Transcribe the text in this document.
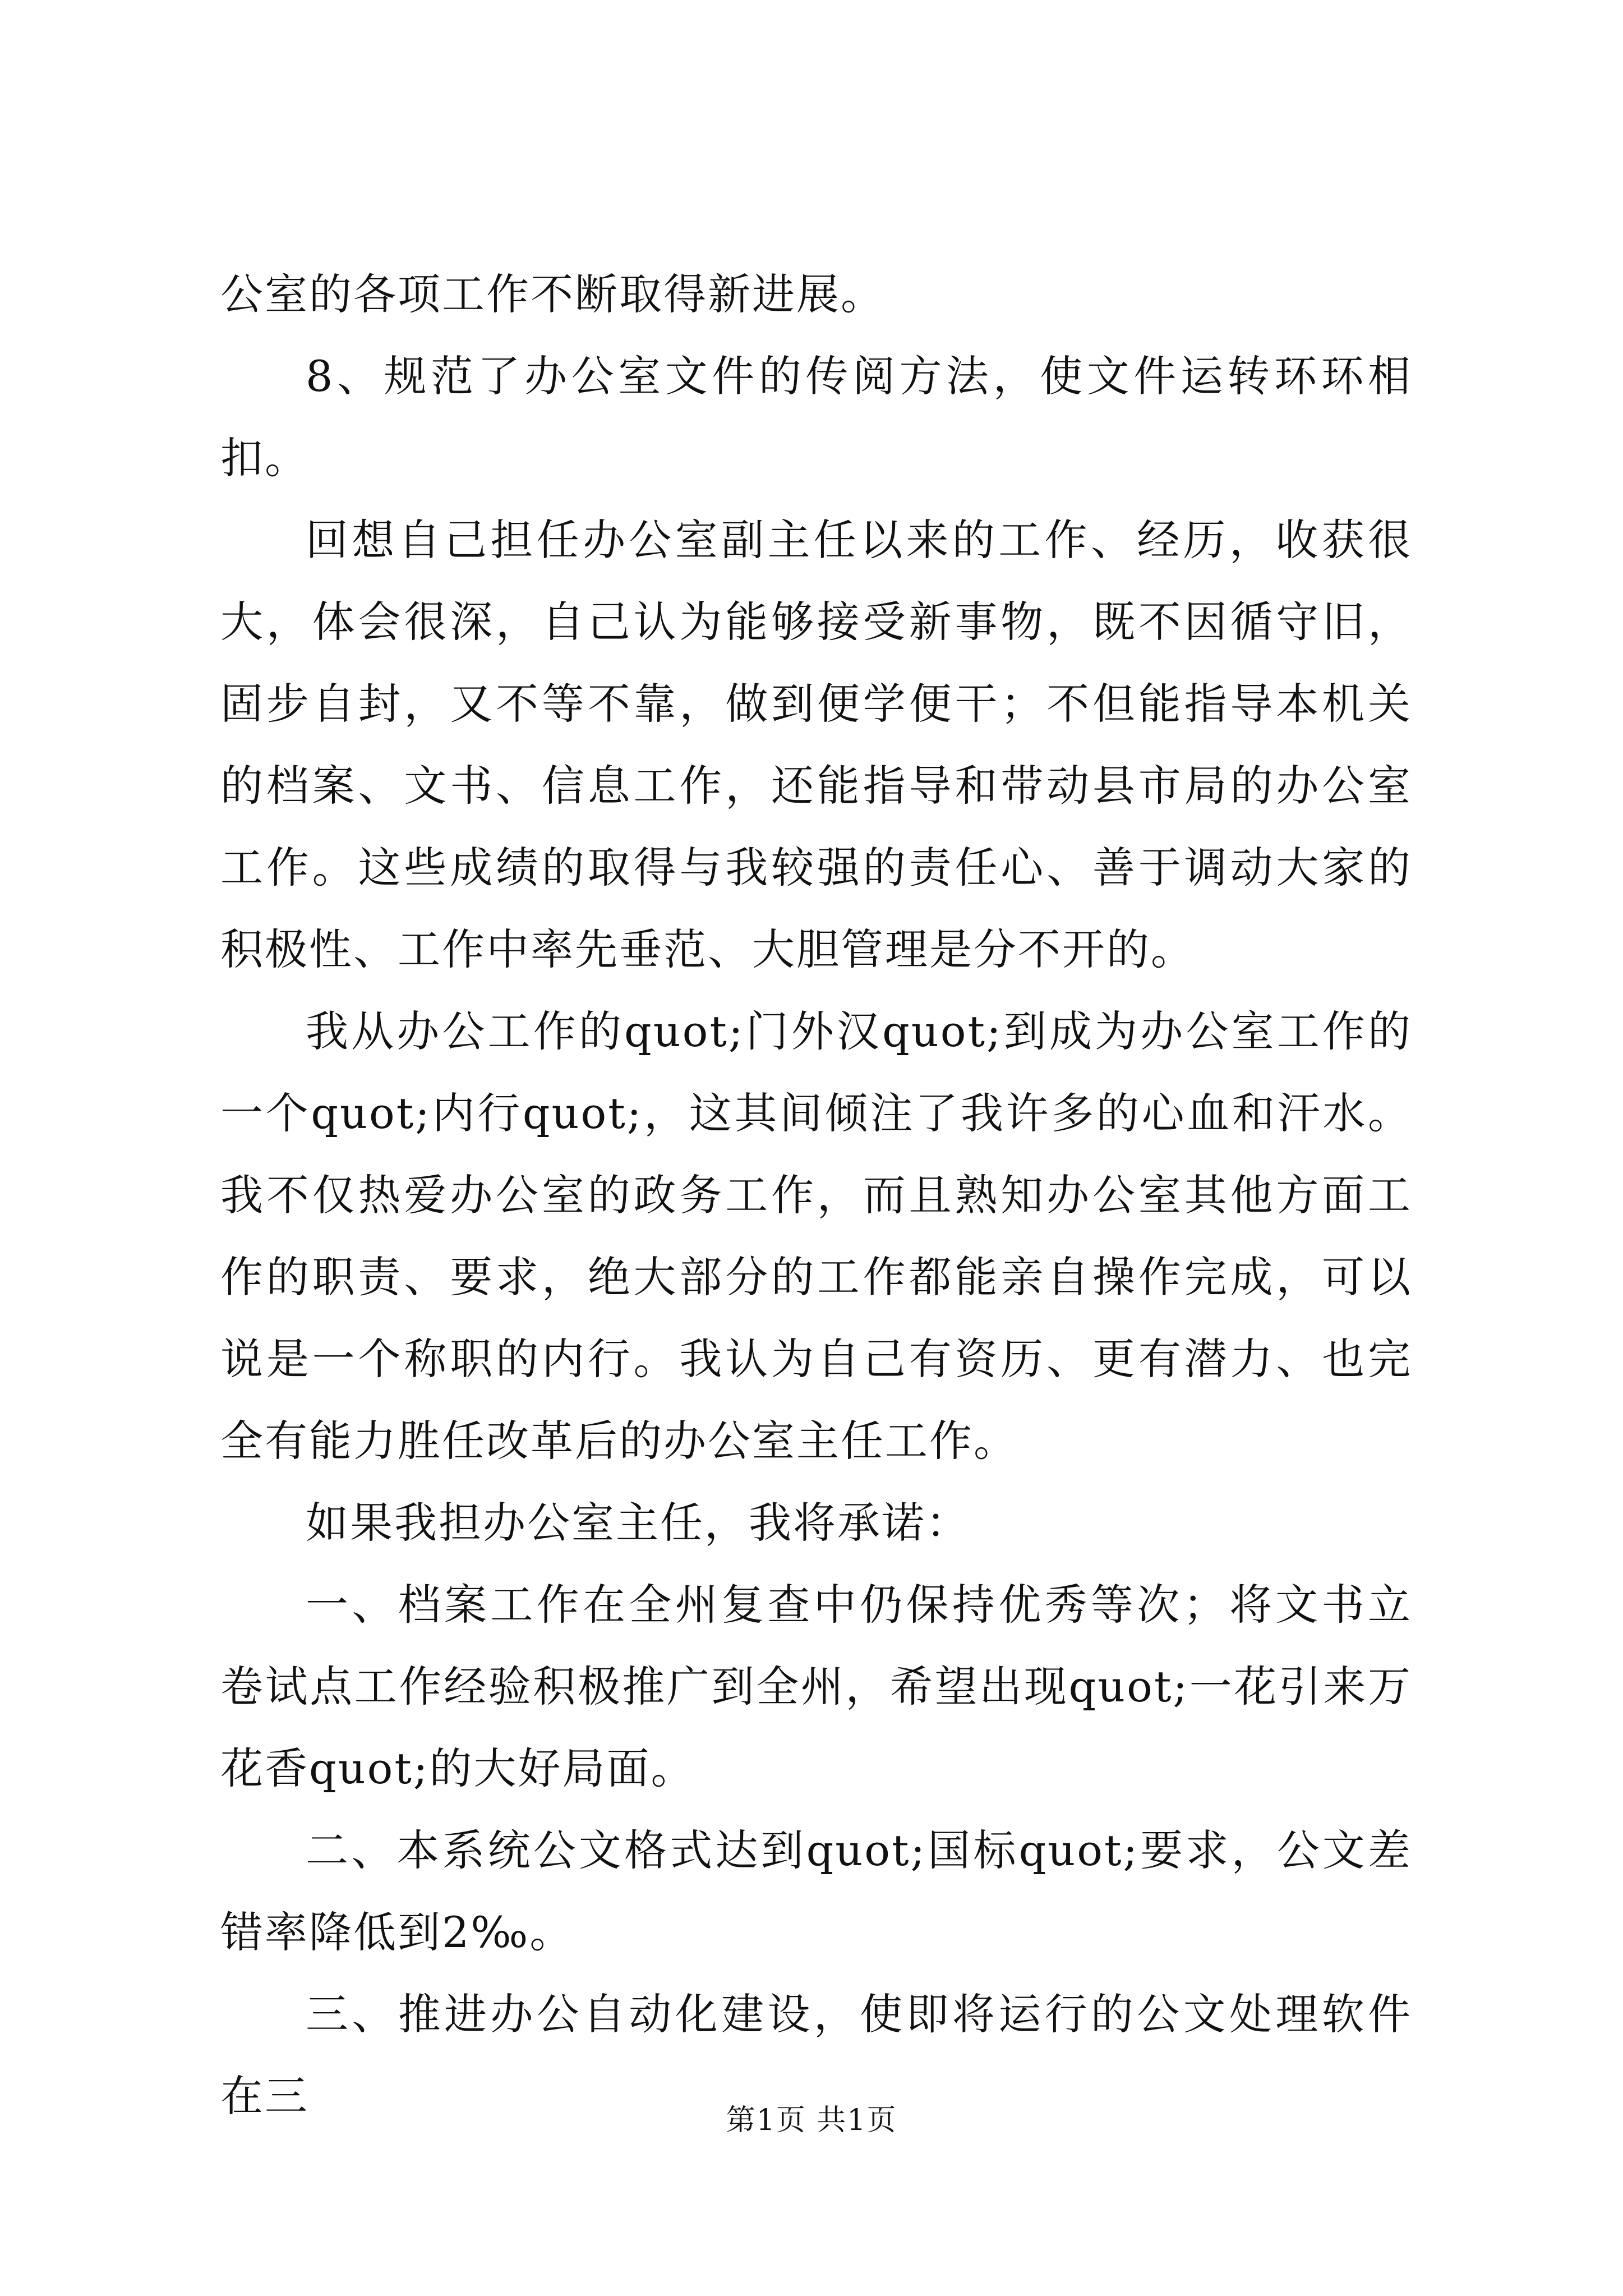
公室的各项工作不断取得新进展。

8、规范了办公室文件的传阅方法，使文件运转环环相扣。

回想自己担任办公室副主任以来的工作、经历，收获很大，体会很深，自己认为能够接受新事物，既不因循守旧，固步自封，又不等不靠，做到便学便干；不但能指导本机关的档案、文书、信息工作，还能指导和带动县市局的办公室工作。这些成绩的取得与我较强的责任心、善于调动大家的积极性、工作中率先垂范、大胆管理是分不开的。

我从办公工作的quot;门外汉quot;到成为办公室工作的一个quot;内行quot;，这其间倾注了我许多的心血和汗水。我不仅热爱办公室的政务工作，而且熟知办公室其他方面工作的职责、要求，绝大部分的工作都能亲自操作完成，可以说是一个称职的内行。我认为自己有资历、更有潜力、也完全有能力胜任改革后的办公室主任工作。

如果我担办公室主任，我将承诺：

一、档案工作在全州复查中仍保持优秀等次；将文书立卷试点工作经验积极推广到全州，希望出现quot;一花引来万花香quot;的大好局面。

二、本系统公文格式达到quot;国标quot;要求，公文差错率降低到2‰。

三、推进办公自动化建设，使即将运行的公文处理软件在三	第1页 共1页
